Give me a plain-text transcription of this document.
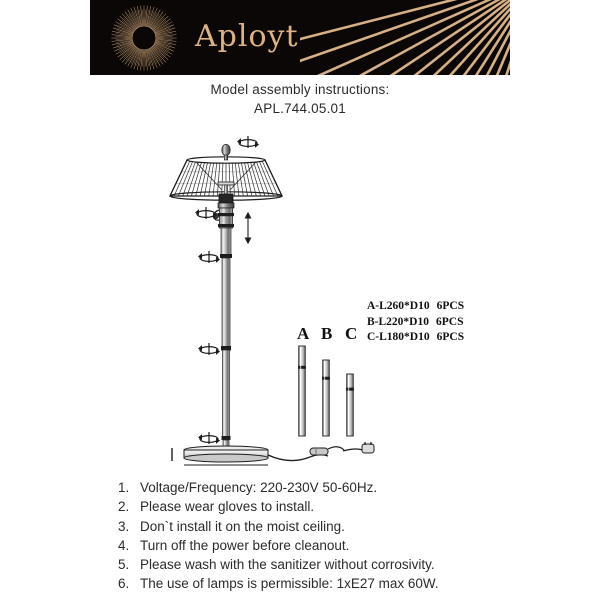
Aployt
Model assembly instructions:
APL.744.05.01
A B C
A-L260*D10 6PCS
B-L220*D10 6PCS
C-L180*D10 6PCS
1. Voltage/Frequency: 220-230V 50-60Hz.
2. Please wear gloves to install.
3. Don`t install it on the moist ceiling.
4. Turn off the power before cleanout.
5. Please wash with the sanitizer without corrosivity.
6. The use of lamps is permissible: 1xE27 max 60W.
